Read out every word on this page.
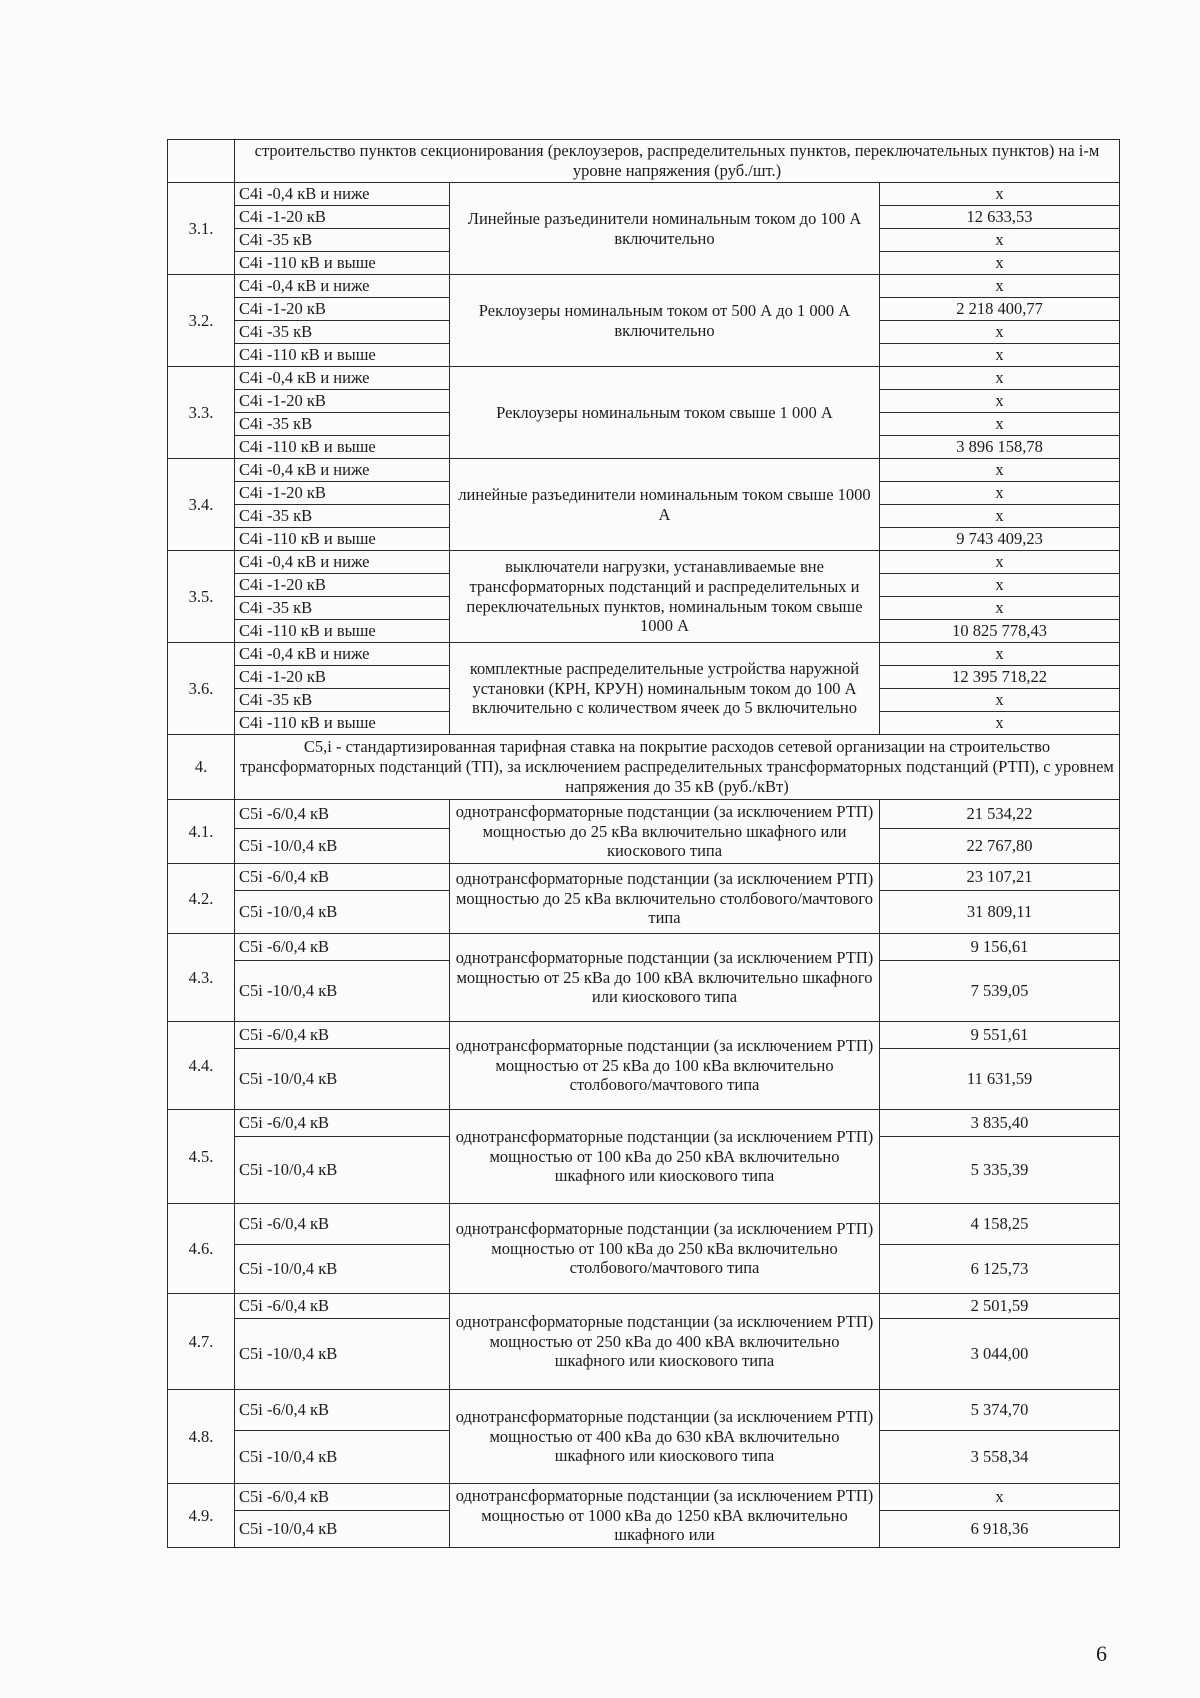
	строительство пунктов секционирования (реклоузеров, распределительных пунктов, переключательных пунктов) на i-м уровне напряжения (руб./шт.)		
3.1.	С4i -0,4 кВ и ниже	Линейные разъединители номинальным током до 100 А включительно	x
	С4i -1-20 кВ		12 633,53
	С4i -35 кВ		x
	С4i -110 кВ и выше		x
3.2.	С4i -0,4 кВ и ниже	Реклоузеры номинальным током от 500 А до 1 000 А включительно	x
	С4i -1-20 кВ		2 218 400,77
	С4i -35 кВ		x
	С4i -110 кВ и выше		x
3.3.	С4i -0,4 кВ и ниже	Реклоузеры номинальным током свыше 1 000 А	x
	С4i -1-20 кВ		x
	С4i -35 кВ		x
	С4i -110 кВ и выше		3 896 158,78
3.4.	С4i -0,4 кВ и ниже	линейные разъединители номинальным током свыше 1000 А	x
	С4i -1-20 кВ		x
	С4i -35 кВ		x
	С4i -110 кВ и выше		9 743 409,23
3.5.	С4i -0,4 кВ и ниже	выключатели нагрузки, устанавливаемые вне трансформаторных подстанций и распределительных и переключательных пунктов, номинальным током свыше 1000 А	x
	С4i -1-20 кВ		x
	С4i -35 кВ		x
	С4i -110 кВ и выше		10 825 778,43
3.6.	С4i -0,4 кВ и ниже	комплектные распределительные устройства наружной установки (КРН, КРУН) номинальным током до 100 А включительно с количеством ячеек до 5 включительно	x
	С4i -1-20 кВ		12 395 718,22
	С4i -35 кВ		x
	С4i -110 кВ и выше		x
4.	С5,i - стандартизированная тарифная ставка на покрытие расходов сетевой организации на строительство трансформаторных подстанций (ТП), за исключением распределительных трансформаторных подстанций (РТП), с уровнем напряжения до 35 кВ (руб./кВт)		
4.1.	С5i -6/0,4 кВ	однотрансформаторные подстанции (за исключением РТП) мощностью до 25 кВа включительно шкафного или киоскового типа	21 534,22
	С5i -10/0,4 кВ		22 767,80
4.2.	С5i -6/0,4 кВ	однотрансформаторные подстанции (за исключением РТП) мощностью до 25 кВа включительно столбового/мачтового типа	23 107,21
	С5i -10/0,4 кВ		31 809,11
4.3.	С5i -6/0,4 кВ	однотрансформаторные подстанции (за исключением РТП) мощностью от 25 кВа до 100 кВА включительно шкафного или киоскового типа	9 156,61
	С5i -10/0,4 кВ		7 539,05
4.4.	С5i -6/0,4 кВ	однотрансформаторные подстанции (за исключением РТП) мощностью от 25 кВа до 100 кВа включительно столбового/мачтового типа	9 551,61
	С5i -10/0,4 кВ		11 631,59
4.5.	С5i -6/0,4 кВ	однотрансформаторные подстанции (за исключением РТП) мощностью от 100 кВа до 250 кВА включительно шкафного или киоскового типа	3 835,40
	С5i -10/0,4 кВ		5 335,39
4.6.	С5i -6/0,4 кВ	однотрансформаторные подстанции (за исключением РТП) мощностью от 100 кВа до 250 кВа включительно столбового/мачтового типа	4 158,25
	С5i -10/0,4 кВ		6 125,73
4.7.	С5i -6/0,4 кВ	однотрансформаторные подстанции (за исключением РТП) мощностью от 250 кВа до 400 кВА включительно шкафного или киоскового типа	2 501,59
	С5i -10/0,4 кВ		3 044,00
4.8.	С5i -6/0,4 кВ	однотрансформаторные подстанции (за исключением РТП) мощностью от 400 кВа до 630 кВА включительно шкафного или киоскового типа	5 374,70
	С5i -10/0,4 кВ		3 558,34
4.9.	С5i -6/0,4 кВ	однотрансформаторные подстанции (за исключением РТП) мощностью от 1000 кВа до 1250 кВА включительно шкафного или	x
	С5i -10/0,4 кВ		6 918,36
6
